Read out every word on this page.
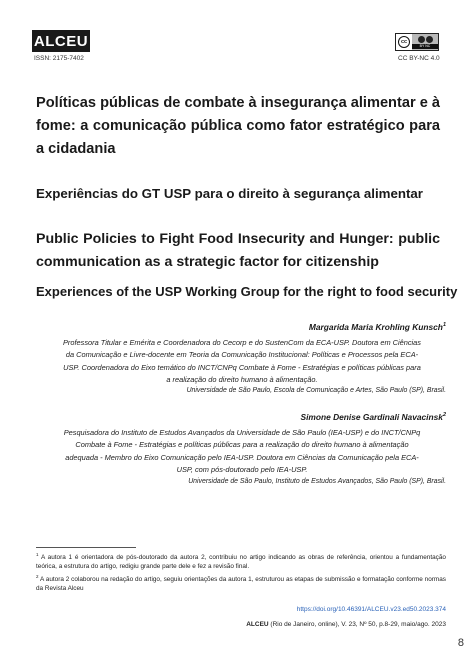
ALCEU
ISSN: 2175-7402
cc
BY NC
CC BY-NC 4.0
Políticas públicas de combate à insegurança alimentar e à fome: a comunicação pública como fator estratégico para a cidadania
Experiências do GT USP para o direito à segurança alimentar
Public Policies to Fight Food Insecurity and Hunger: public communication as a strategic factor for citizenship
Experiences of the USP Working Group for the right to food security
Margarida Maria Krohling Kunsch$^1$
Professora Titular e Emérita e Coordenadora do Cecorp e do SustenCom da ECA-USP. Doutora em Ciências
da Comunicação e Livre-docente em Teoria da Comunicação Institucional: Políticas e Processos pela ECA-
USP. Coordenadora do Eixo temático do INCT/CNPq Combate à Fome - Estratégias e políticas públicas para
a realização do direito humano à alimentação.
Universidade de São Paulo, Escola de Comunicação e Artes, São Paulo (SP), Brasil.
Simone Denise Gardinali Navacinsk$^2$
Pesquisadora do Instituto de Estudos Avançados da Universidade de São Paulo (IEA-USP) e do INCT/CNPq
Combate à Fome - Estratégias e políticas públicas para a realização do direito humano à alimentação
adequada - Membro do Eixo Comunicação pelo IEA-USP. Doutora em Ciências da Comunicação pela ECA-
USP, com pós-doutorado pelo IEA-USP.
Universidade de São Paulo, Instituto de Estudos Avançados, São Paulo (SP), Brasil.
$^1$ A autora 1 é orientadora de pós-doutorado da autora 2, contribuiu no artigo indicando as obras de referência, orientou a fundamentação teórica, a estrutura do artigo, redigiu grande parte dele e fez a revisão final.
$^2$ A autora 2 colaborou na redação do artigo, seguiu orientações da autora 1, estruturou as etapas de submissão e formatação conforme normas da Revista Alceu
https://doi.org/10.46391/ALCEU.v23.ed50.2023.374
ALCEU (Rio de Janeiro, online), V. 23, Nº 50, p.8-29, maio/ago. 2023
8
